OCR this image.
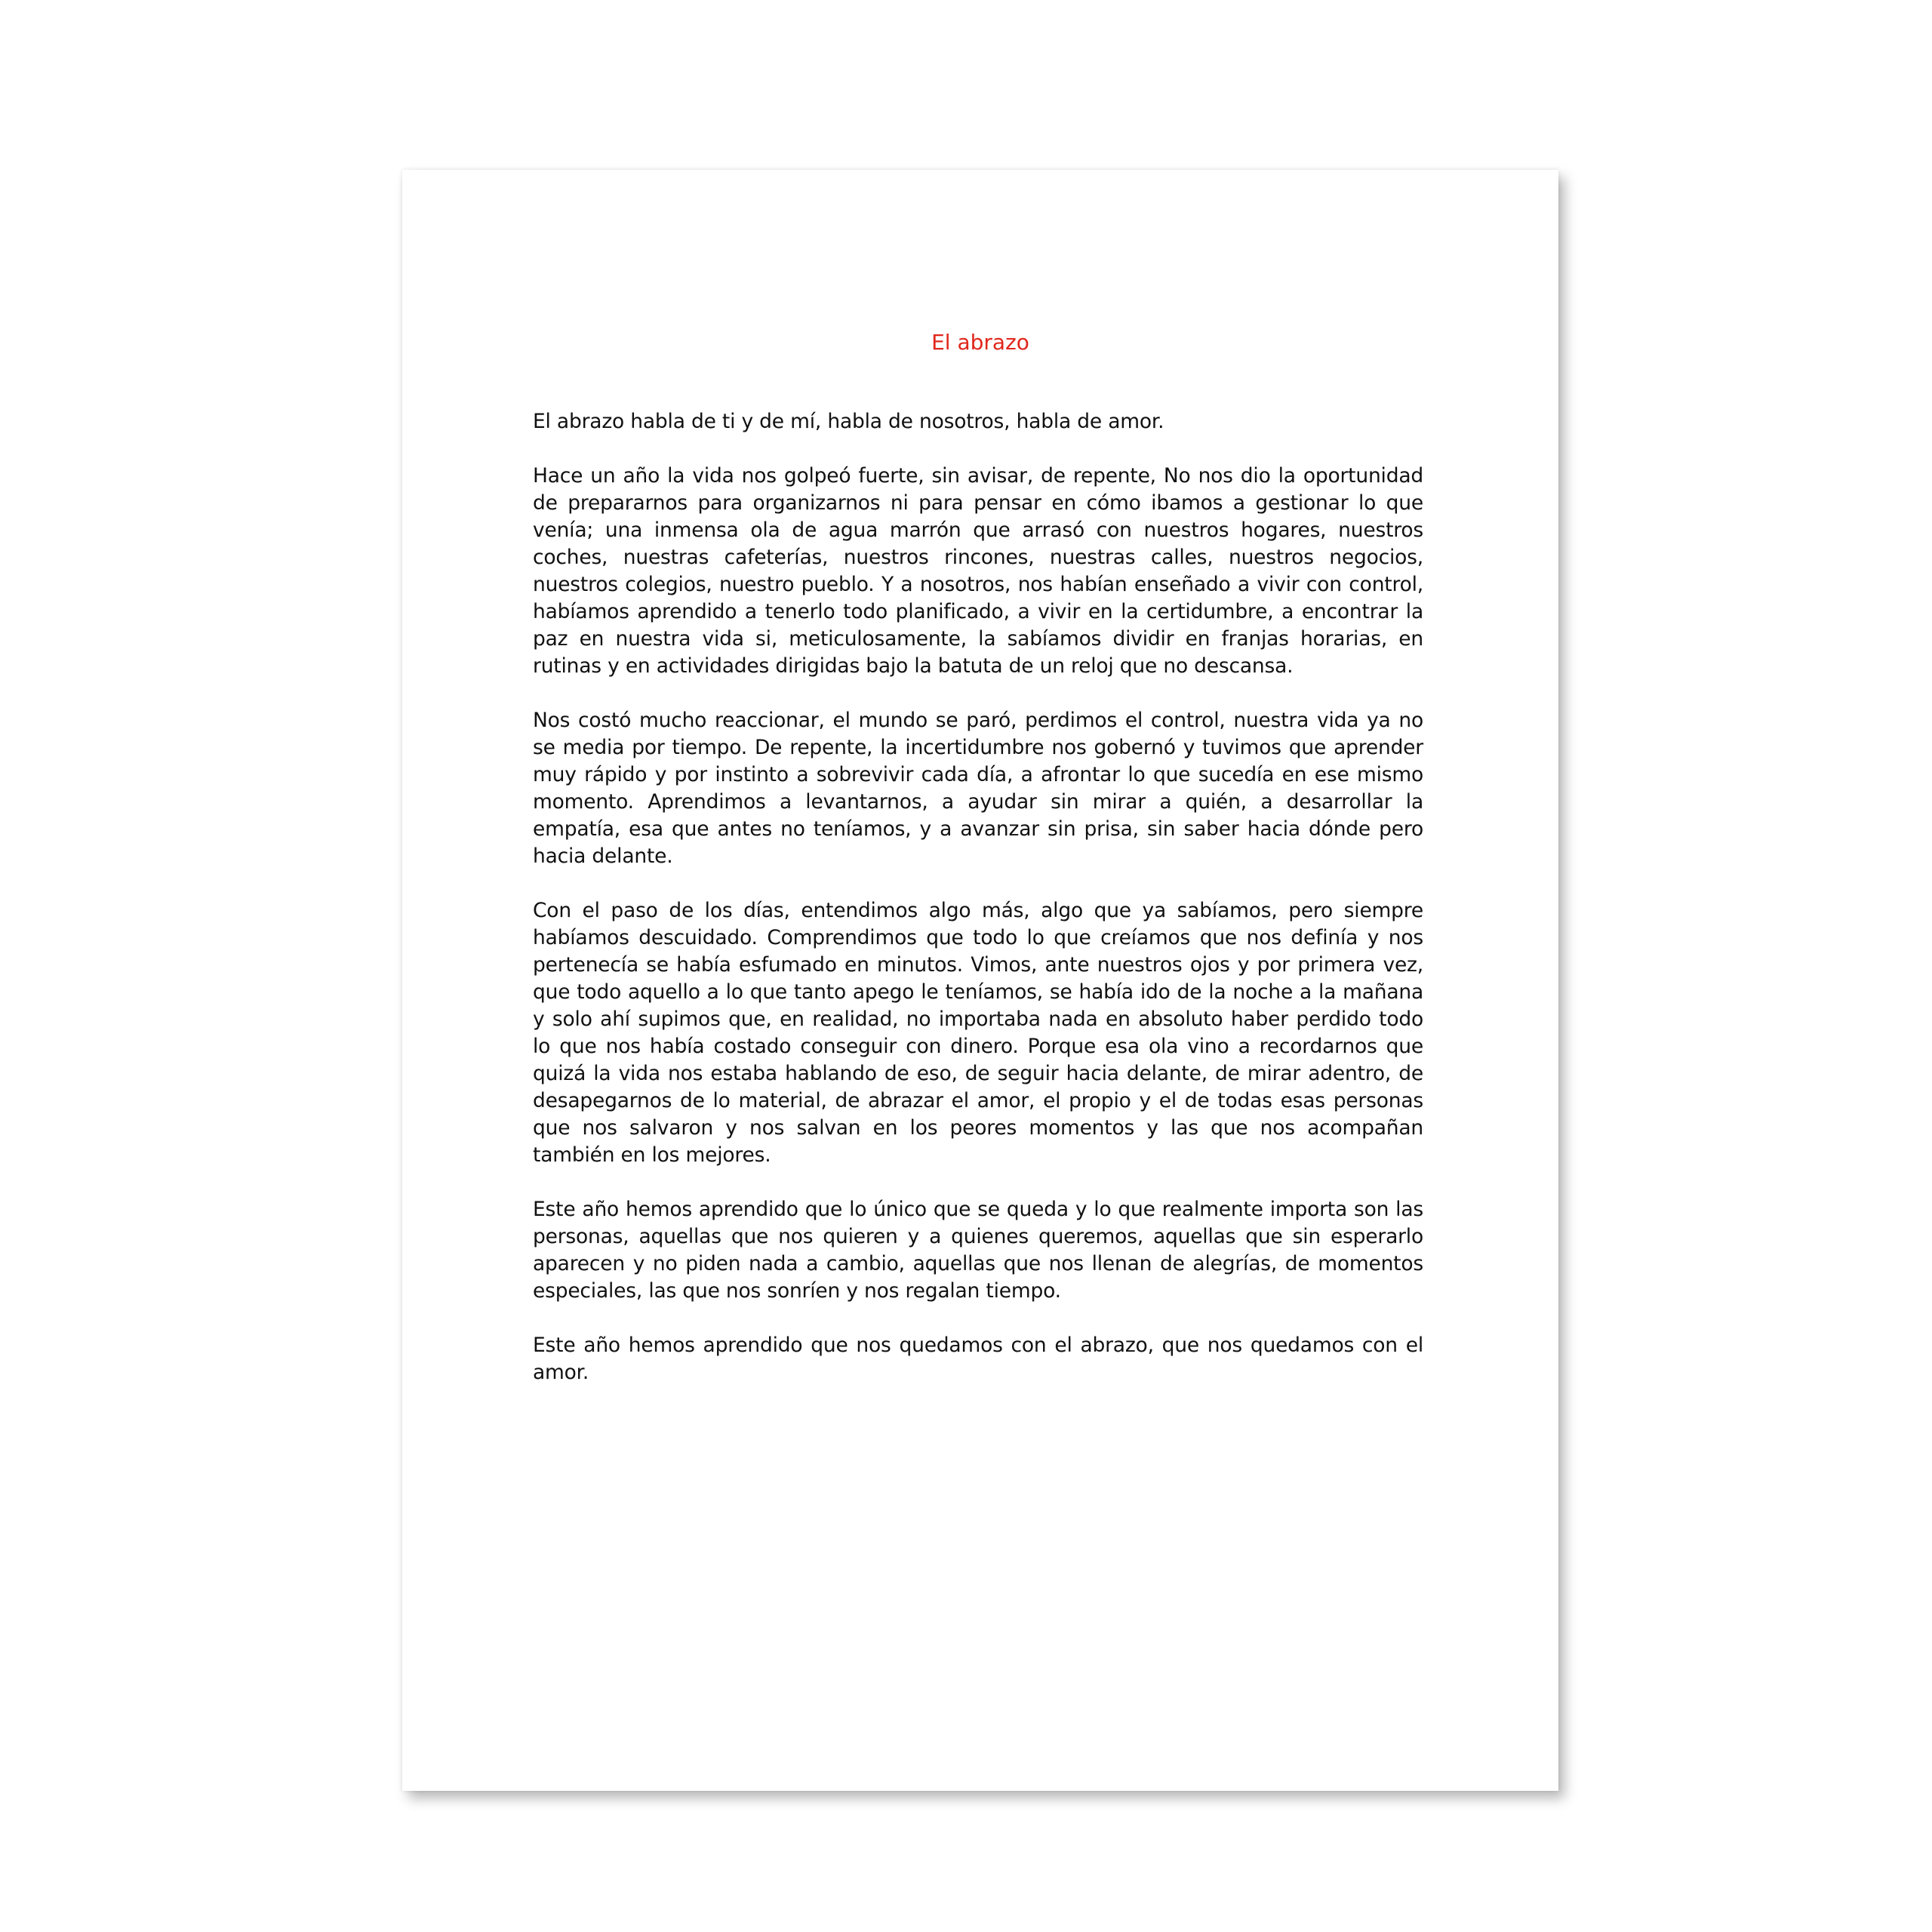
El abrazo

El abrazo habla de ti y de mí, habla de nosotros, habla de amor.

Hace un año la vida nos golpeó fuerte, sin avisar, de repente, No nos dio la oportunidad de prepararnos para organizarnos ni para pensar en cómo ibamos a gestionar lo que venía; una inmensa ola de agua marrón que arrasó con nuestros hogares, nuestros coches, nuestras cafeterías, nuestros rincones, nuestras calles, nuestros negocios, nuestros colegios, nuestro pueblo. Y a nosotros, nos habían enseñado a vivir con control, habíamos aprendido a tenerlo todo planificado, a vivir en la certidumbre, a encontrar la paz en nuestra vida si, meticulosamente, la sabíamos dividir en franjas horarias, en rutinas y en actividades dirigidas bajo la batuta de un reloj que no descansa.

Nos costó mucho reaccionar, el mundo se paró, perdimos el control, nuestra vida ya no se media por tiempo. De repente, la incertidumbre nos gobernó y tuvimos que aprender muy rápido y por instinto a sobrevivir cada día, a afrontar lo que sucedía en ese mismo momento. Aprendimos a levantarnos, a ayudar sin mirar a quién, a desarrollar la empatía, esa que antes no teníamos, y a avanzar sin prisa, sin saber hacia dónde pero hacia delante.

Con el paso de los días, entendimos algo más, algo que ya sabíamos, pero siempre habíamos descuidado. Comprendimos que todo lo que creíamos que nos definía y nos pertenecía se había esfumado en minutos. Vimos, ante nuestros ojos y por primera vez, que todo aquello a lo que tanto apego le teníamos, se había ido de la noche a la mañana y solo ahí supimos que, en realidad, no importaba nada en absoluto haber perdido todo lo que nos había costado conseguir con dinero. Porque esa ola vino a recordarnos que quizá la vida nos estaba hablando de eso, de seguir hacia delante, de mirar adentro, de desapegarnos de lo material, de abrazar el amor, el propio y el de todas esas personas que nos salvaron y nos salvan en los peores momentos y las que nos acompañan también en los mejores.

Este año hemos aprendido que lo único que se queda y lo que realmente importa son las personas, aquellas que nos quieren y a quienes queremos, aquellas que sin esperarlo aparecen y no piden nada a cambio, aquellas que nos llenan de alegrías, de momentos especiales, las que nos sonríen y nos regalan tiempo.

Este año hemos aprendido que nos quedamos con el abrazo, que nos quedamos con el amor.
